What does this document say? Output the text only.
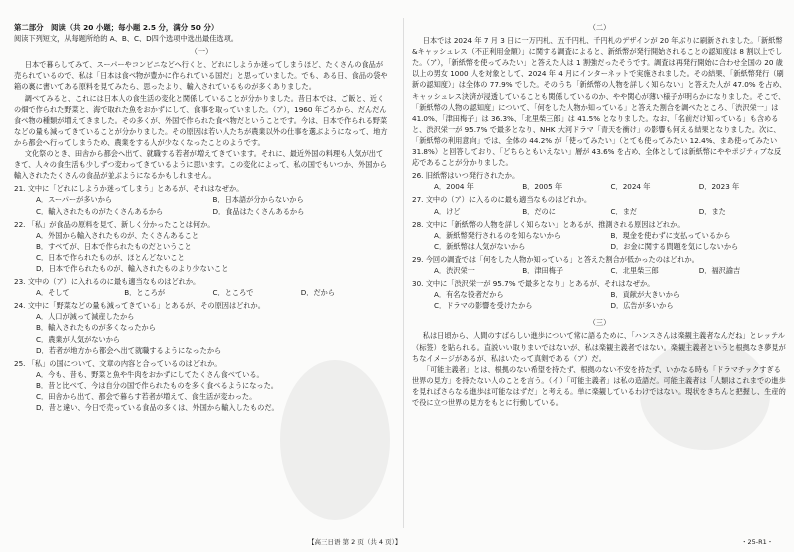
第二部分　阅读（共 20 小题；每小题 2.5 分，满分 50 分）
阅读下列短文，从每题所给的 A、B、C、D四个选项中选出最佳选项。
（一）
日本で暮らしてみて、スーパーやコンビニなどへ行くと、どれにしようか迷ってしまうほど、たくさんの食品が売られているので、私は「日本は食べ物が豊かに作られている国だ」と思っていました。でも、ある日、食品の袋や箱の裏に書いてある原料を見てみたら、思ったより、輸入されているものが多くありました。
調べてみると、これには日本人の食生活の変化と関係していることが分かりました。昔日本では、ご飯と、近くの畑で作られた野菜と、海で取れた魚をおかずにして、食事を取っていました。（ア），1960 年ごろから、だんだん食べ物の種類が増えてきました。その多くが、外国で作られた食べ物だということです。今は、日本で作られる野菜などの量も減ってきていることが分かりました。その原因は若い人たちが農業以外の仕事を選ぶようになって、地方から都会へ行ってしまうため、農業をする人が少なくなったことのようです。
文化祭のとき、田舎から都会へ出て、就職する若者が増えてきています。それに、最近外国の料理も人気が出てきて、人々の食生活も少しずつ変わってきているように思います。この変化によって、私の国でもいつか、外国から輸入されたたくさんの食品が並ぶようになるかもしれません。
21. 文中に「どれにしようか迷ってしまう」とあるが、それはなぜか。
A．スーパーが多いから	B．日本語が分からないから
C．輸入されたものがたくさんあるから	D．食品はたくさんあるから
22. 「私」が食品の原料を見て、新しく分かったことは何か。
A．外国から輸入されたものが、たくさんあること
B．すべてが、日本で作られたものだということ
C．日本で作られたものが、ほとんどないこと
D．日本で作られたものが、輸入されたものより少ないこと
23. 文中の（ア）に入れるのに最も適当なものはどれか。
A．そして	B．ところが	C．ところで	D．だから
24. 文中に「野菜などの量も減ってきている」とあるが、その原因はどれか。
A．人口が減って減産したから
B．輸入されたものが多くなったから
C．農業が人気がないから
D．若者が地方から都会へ出て就職するようになったから
25. 「私」の国について、文章の内容と合っているのはどれか。
A．今も、昔も、野菜と魚や牛肉をおかずにしてたくさん食べている。
B．昔と比べて、今は自分の国で作られたものを多く食べるようになった。
C．田舎から出て、都会で暮らす若者が増えて、食生活が変わった。
D．昔と違い、今日で売っている食品の多くは、外国から輸入したものだ。
（二）
日本では 2024 年 7 月 3 日に一万円札、五千円札、千円札のデザインが 20 年ぶりに刷新されました。「新紙幣&キャッシュレス（不正利用金額）」に関する調査によると、新紙幣が発行開始されることの認知度は 8 割以上でした。（ア），「新紙幣を使ってみたい」と答えた人は 1 割強だったそうです。調査は再発行開始に合わせ全国の 20 歳以上の男女 1000 人を対象として、2024 年 4 月にインターネットで実施されました。その結果、「新紙幣発行（刷新の認知度）」は全体の 77.9% でした。そのうち「新紙幣の人物を詳しく知らない」と答えた人が 47.0% を占め、キャッシュレス決済が浸透していることも関係しているのか、やや関心が薄い様子が明らかになりました。そこで、「新紙幣の人物の認知度」について、「何をした人物か知っている」と答えた割合を調べたところ、「渋沢栄一」は 41.0%、「津田梅子」は 36.3%、「北里柴三郎」は 41.5% となりました。なお、「名前だけ知っている」も含めると、渋沢栄一が 95.7% で最多となり、NHK 大河ドラマ「青天を衝け」の影響も何える結果となりました。次に、「新紙幣の利用意向」では、全体の 44.2% が「使ってみたい」（とても使ってみたい 12.4%、まあ使ってみたい 31.8%）と回答しており、「どちらともいえない」層が 43.6% を占め、全体としては新紙幣にややポジティブな反応であることが分かりました。
26. 旧紙幣はいつ発行されたか。
A．2004 年	B．2005 年	C．2024 年	D．2023 年
27. 文中の（ア）に入るのに最も適当なものはどれか。
A．けど	B．だのに	C．まだ	D．また
28. 文中に「新紙幣の人物を詳しく知らない」とあるが、推測される原因はどれか。
A．新紙幣発行されるのを知らないから	B．現金を使わずに支払っているから
C．新紙幣は人気がないから	D．お金に関する問題を気にしないから
29. 今回の調査では「何をした人物か知っている」と答えた割合が低かったのはどれか。
A．渋沢栄一	B．津田梅子	C．北里柴三郎	D．福沢諭吉
30. 文中に「渋沢栄一が 95.7% で最多となり」とあるが、それはなぜか。
A．有名な役者だから	B．貢献が大きいから
C．ドラマの影響を受けたから	D．広告が多いから
（三）
私は日頃から、人間のすばらしい進歩について常に語るために、「ハンスさんは楽観主義者なんだね」とレッテル（标签）を貼られる。直説いい取りまいではないが、私は楽観主義者ではない。楽観主義者というと根拠なき夢見がちなイメージがあるが、私はいたって真剣である（ア）だ。
「可能主義者」とは、根拠のない希望を持たず、根拠のない不安を持たず、いかなる時も「ドラマチックすぎる世界の見方」を持たない人のことを言う。（イ）「可能主義者」は私の造語だ。可能主義者は「人類はこれまでの進歩を見ればさらなる進歩は可能なはずだ」と考える。単に楽観しているわけではない。現状をきちんと把握し、生産的で役に立つ世界の見方をもとに行動している。
【高三日语 第 2 页（共 4 页）】	・25-R1・
